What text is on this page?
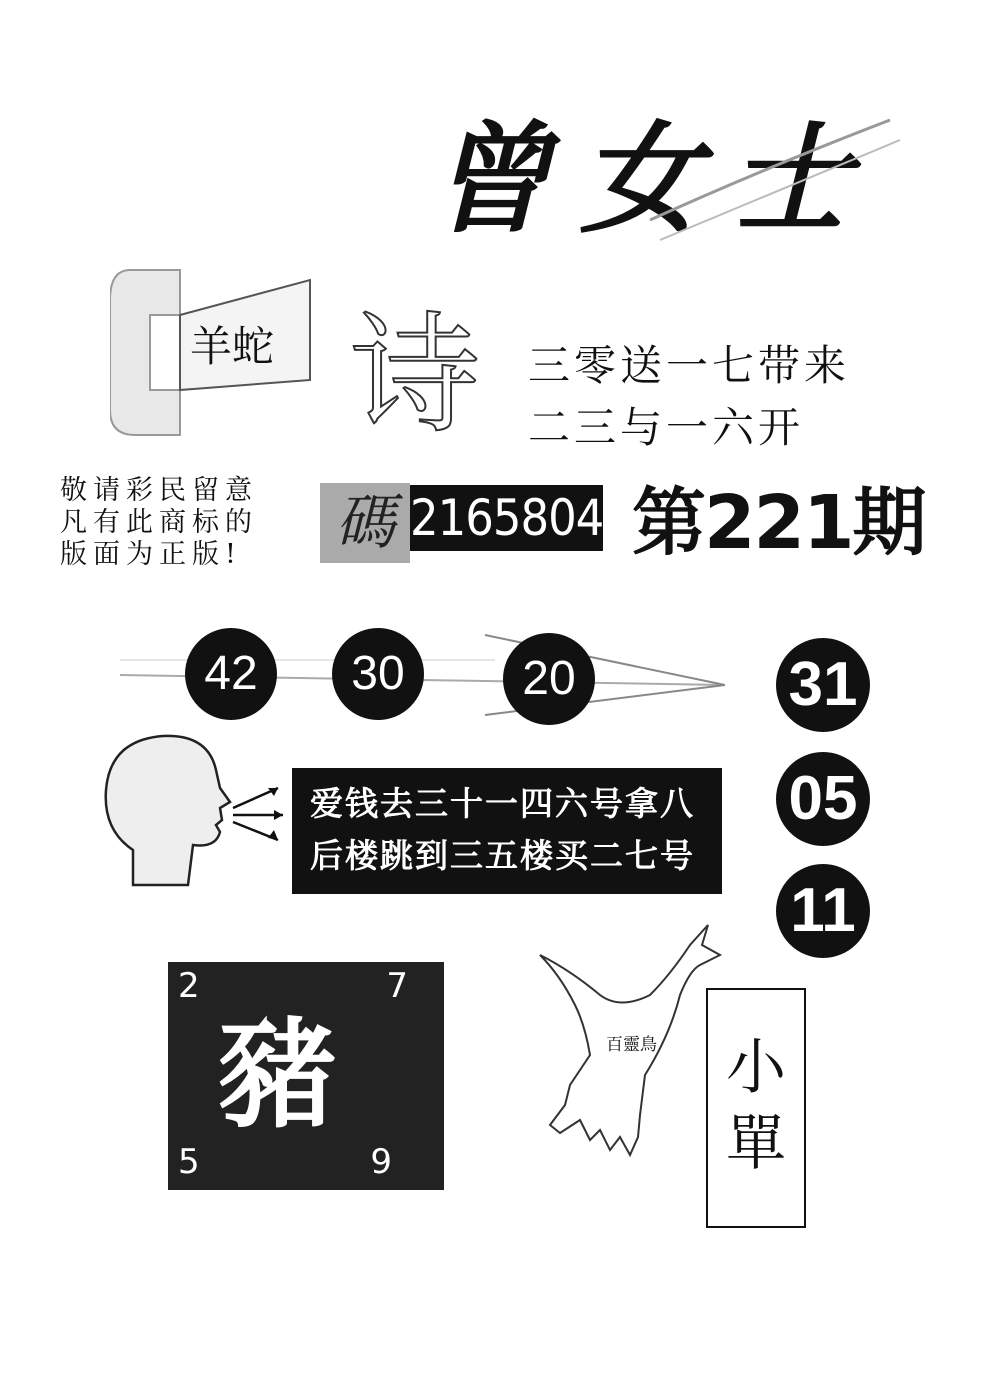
曾女士
羊蛇 诗 三零送一七带来
二三与一六开
敬请彩民留意
凡有此商标的
版面为正版! 碼 2165804 第221期
42	30	20	31
05
11
爱钱去三十一四六号拿八
后楼跳到三五楼买二七号
2	7
豬
5	9
百靈鳥	小
單
